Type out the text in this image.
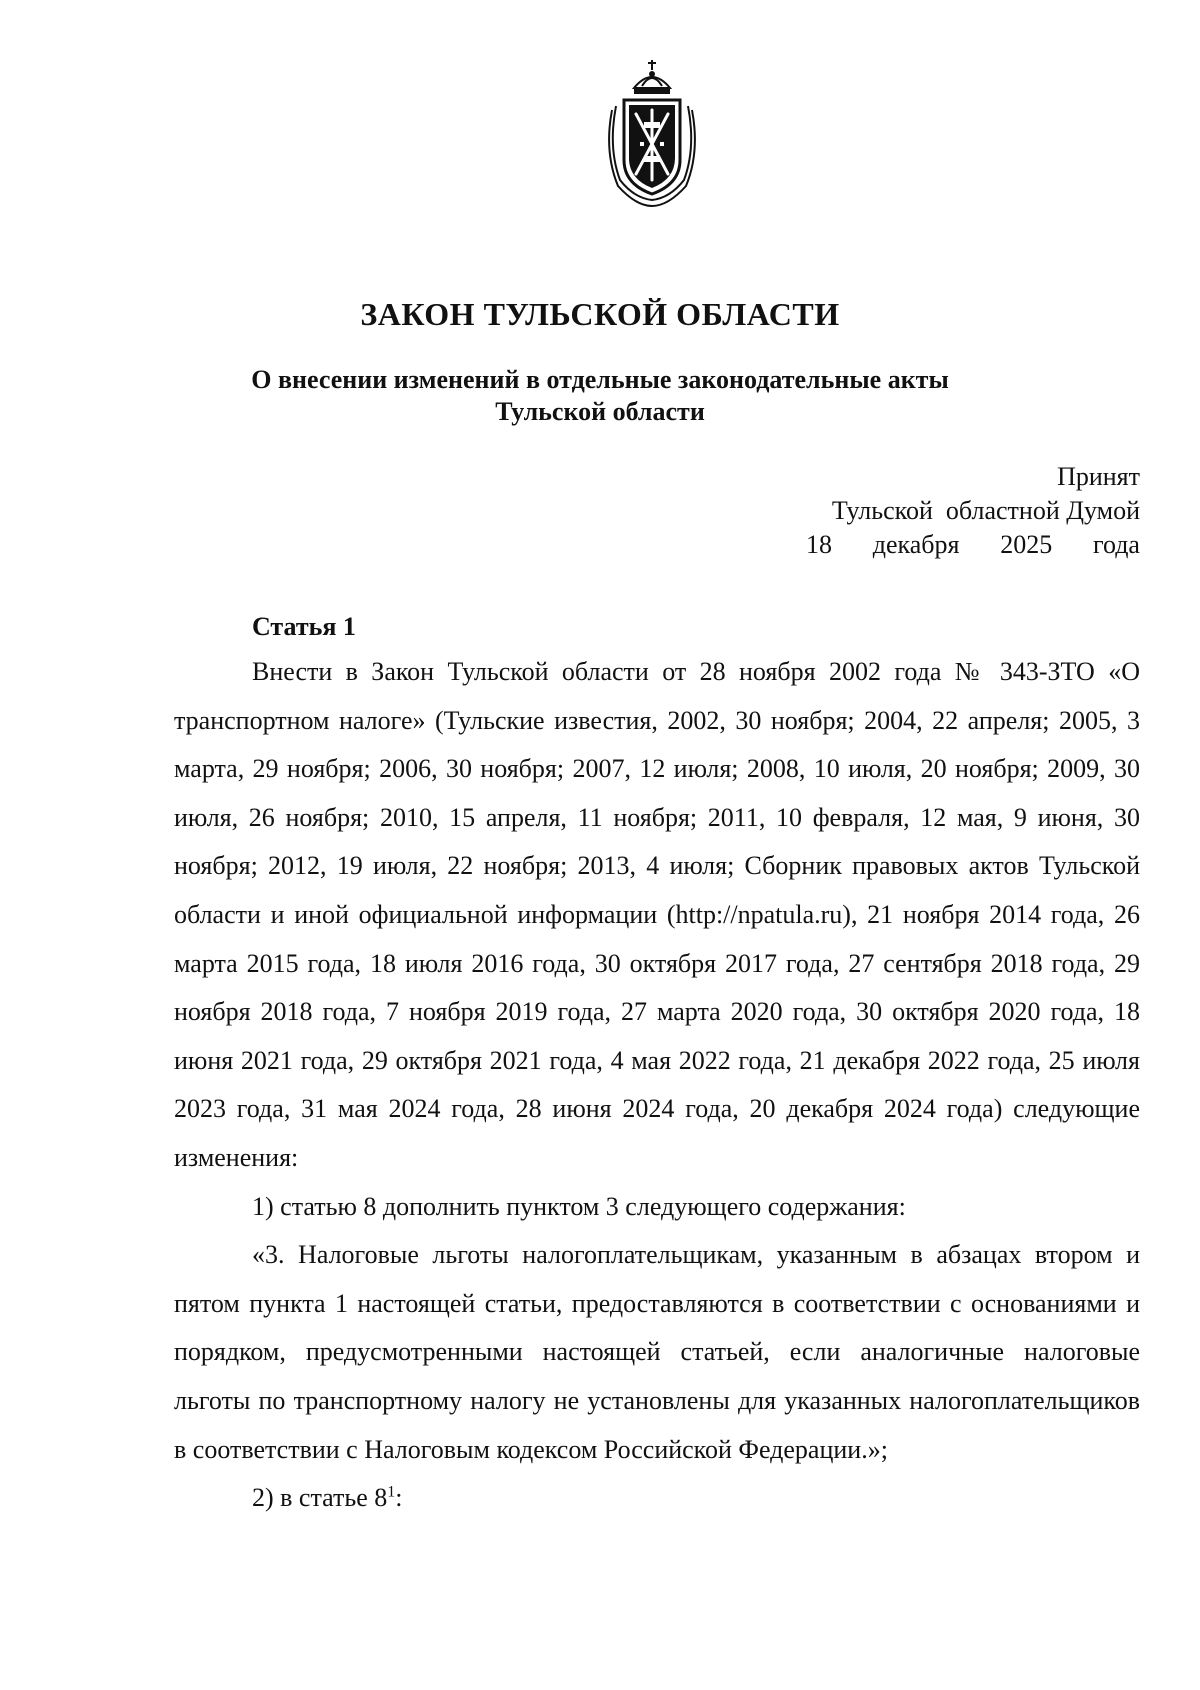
ЗАКОН ТУЛЬСКОЙ ОБЛАСТИ
О внесении изменений в отдельные законодательные акты
Тульской области
Принят
Тульской  областной Думой
18 декабря 2025 года
Статья 1

Внести в Закон Тульской области от 28 ноября 2002 года № 343-ЗТО «О транспортном налоге» (Тульские известия, 2002, 30 ноября; 2004, 22 апреля; 2005, 3 марта, 29 ноября; 2006, 30 ноября; 2007, 12 июля; 2008, 10 июля, 20 ноября; 2009, 30 июля, 26 ноября; 2010, 15 апреля, 11 ноября; 2011, 10 февраля, 12 мая, 9 июня, 30 ноября; 2012, 19 июля, 22 ноября; 2013, 4 июля; Сборник правовых актов Тульской области и иной официальной информации (http://npatula.ru), 21 ноября 2014 года, 26 марта 2015 года, 18 июля 2016 года, 30 октября 2017 года, 27 сентября 2018 года, 29 ноября 2018 года, 7 ноября 2019 года, 27 марта 2020 года, 30 октября 2020 года, 18 июня 2021 года, 29 октября 2021 года, 4 мая 2022 года, 21 декабря 2022 года, 25 июля 2023 года, 31 мая 2024 года, 28 июня 2024 года, 20 декабря 2024 года) следующие изменения:

1) статью 8 дополнить пунктом 3 следующего содержания:

«3. Налоговые льготы налогоплательщикам, указанным в абзацах втором и пятом пункта 1 настоящей статьи, предоставляются в соответствии с основаниями и порядком, предусмотренными настоящей статьей, если аналогичные налоговые льготы по транспортному налогу не установлены для указанных налогоплательщиков в соответствии с Налоговым кодексом Российской Федерации.»;

2) в статье $8^1$:
